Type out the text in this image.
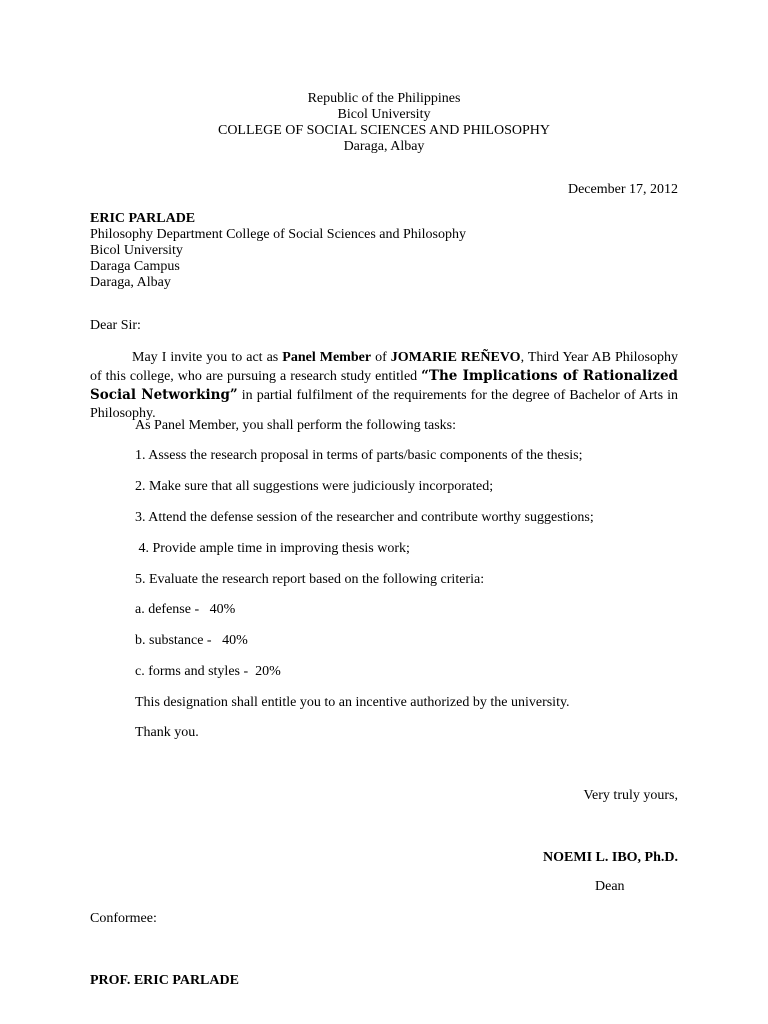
Republic of the Philippines
Bicol University
COLLEGE OF SOCIAL SCIENCES AND PHILOSOPHY
Daraga, Albay
December 17, 2012
ERIC PARLADE
Philosophy Department College of Social Sciences and Philosophy
Bicol University
Daraga Campus
Daraga, Albay
Dear Sir:
May I invite you to act as Panel Member of JOMARIE REÑEVO, Third Year AB Philosophy of this college, who are pursuing a research study entitled “The Implications of Rationalized Social Networking” in partial fulfilment of the requirements for the degree of Bachelor of Arts in Philosophy.
As Panel Member, you shall perform the following tasks:
1. Assess the research proposal in terms of parts/basic components of the thesis;
2. Make sure that all suggestions were judiciously incorporated;
3. Attend the defense session of the researcher and contribute worthy suggestions;
4. Provide ample time in improving thesis work;
5. Evaluate the research report based on the following criteria:
a. defense -   40%
b. substance -   40%
c. forms and styles -  20%
This designation shall entitle you to an incentive authorized by the university.
Thank you.
Very truly yours,
NOEMI L. IBO, Ph.D.
Dean
Conformee:
PROF. ERIC PARLADE
